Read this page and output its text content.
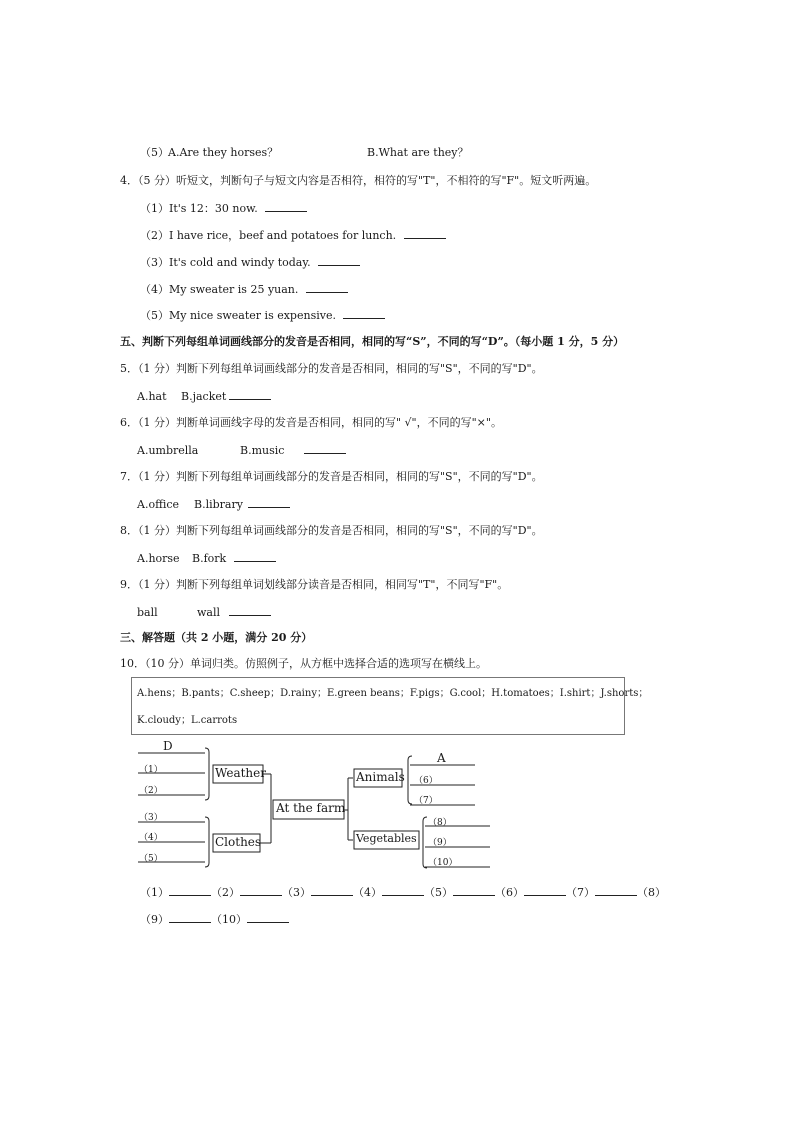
（5） A.Are they horses？	B.What are they？
4．（5 分）听短文，判断句子与短文内容是否相符，相符的写"T"，不相符的写"F"。短文听两遍。
（1）It's 12：30 now.
（2）I have rice，beef and potatoes for lunch.
（3）It's cold and windy today.
（4）My sweater is 25 yuan.
（5）My nice sweater is expensive.
五、判断下列每组单词画线部分的发音是否相同，相同的写“S”，不同的写“D”。（每小题 1 分，5 分）
5．（1 分）判断下列每组单词画线部分的发音是否相同，相同的写"S"，不同的写"D"。
A.hat B.jacket
6．（1 分）判断单词画线字母的发音是否相同，相同的写" √"，不同的写"×"。
A.umbrella	B.music
7．（1 分）判断下列每组单词画线部分的发音是否相同，相同的写"S"，不同的写"D"。
A.office B.library
8．（1 分）判断下列每组单词画线部分的发音是否相同，相同的写"S"，不同的写"D"。
A.horse B.fork
9．（1 分）判断下列每组单词划线部分读音是否相同，相同写"T"，不同写"F"。
ball	wall
三、解答题（共 2 小题，满分 20 分）
10．（10 分）单词归类。仿照例子，从方框中选择合适的选项写在横线上。
A.hens；B.pants；C.sheep；D.rainy；E.green beans；F.pigs；G.cool；H.tomatoes；I.shirt；J.shorts；
K.cloudy；L.carrots
D
（1）
（2）
（3）
（4）
（5）
Weather
Clothes
At the farm
Animals
Vegetables
A
（6）
（7）
（8）
（9）
（10）
（1）	（2）	（3）	（4）	（5）	（6）	（7）	（8）
（9）	（10）
